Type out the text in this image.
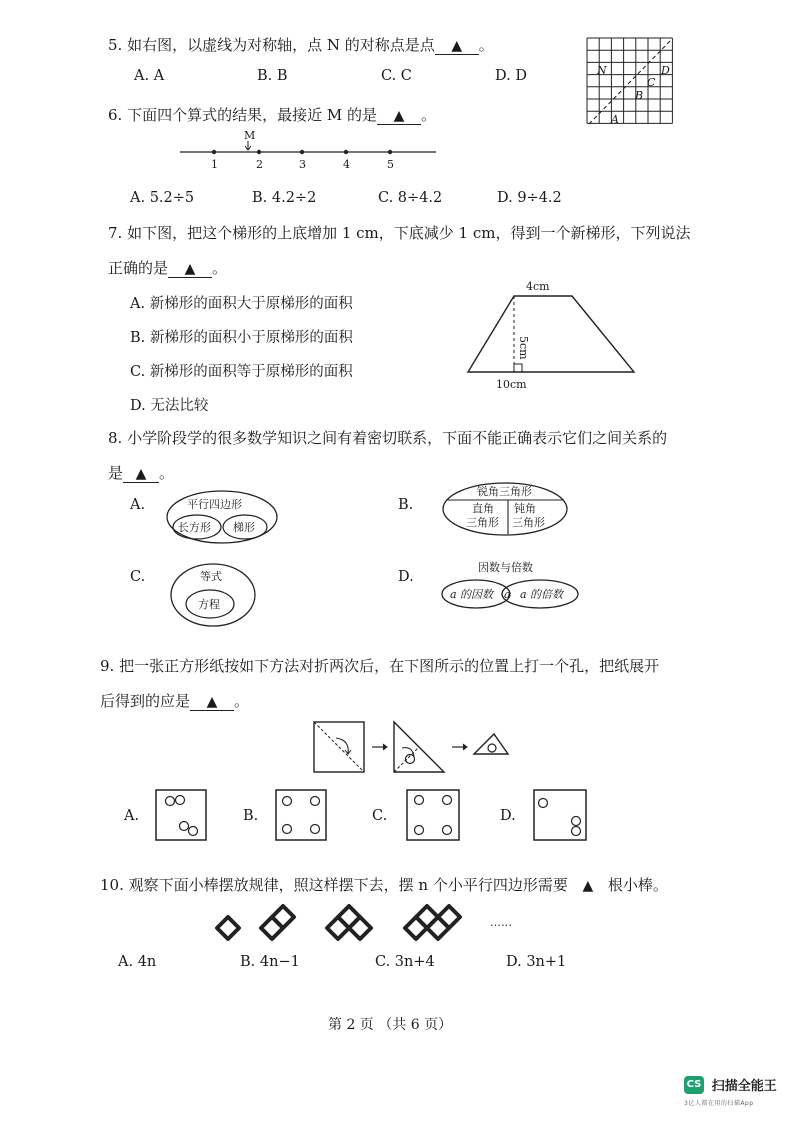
5. 如右图，以虚线为对称轴，点 N 的对称点是点 ▲ 。
A. A	B. B	C. C	D. D	N	D
C
B
A
6. 下面四个算式的结果，最接近 M 的是 ▲ 。
M
1	2	3	4	5
A. 5.2÷5	B. 4.2÷2	C. 8÷4.2	D. 9÷4.2
7. 如下图，把这个梯形的上底增加 1 cm，下底减少 1 cm，得到一个新梯形，下列说法
正确的是 ▲ 。
A. 新梯形的面积大于原梯形的面积
B. 新梯形的面积小于原梯形的面积
C. 新梯形的面积等于原梯形的面积
D. 无法比较
4cm
5cm
10cm
8. 小学阶段学的很多数学知识之间有着密切联系，下面不能正确表示它们之间关系的
是 ▲ 。
A.	平行四边形
长方形 梯形
B.
锐角三角形
直角
三角形
钝角
三角形
C.	等式
方程
D.
因数与倍数
a 的因数 a a 的倍数
9. 把一张正方形纸按如下方法对折两次后，在下图所示的位置上打一个孔，把纸展开
后得到的应是 ▲ 。
A.	B.	C.	D.
10. 观察下面小棒摆放规律，照这样摆下去，摆 n 个小平行四边形需要 ▲ 根小棒。
……
A. 4n	B. 4n−1	C. 3n+4	D. 3n+1
第 2 页 （共 6 页）
CS 扫描全能王
3亿人都在用的扫描App
